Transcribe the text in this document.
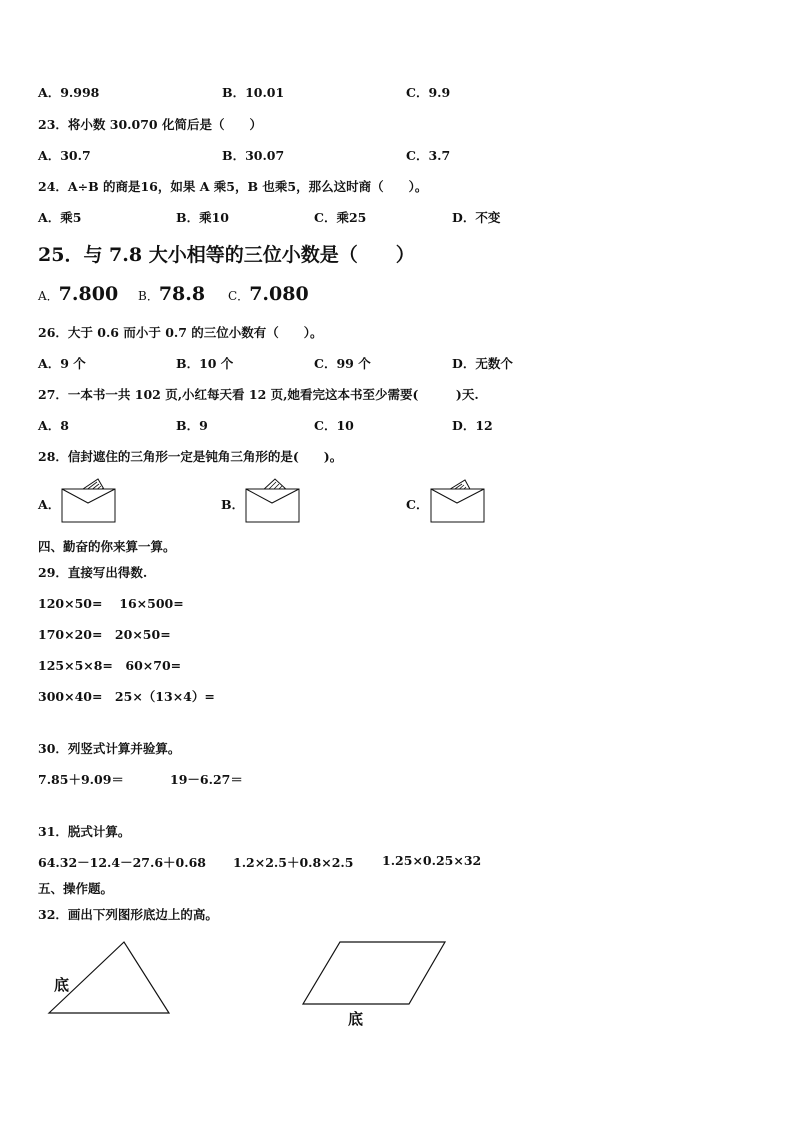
A．9.998	B．10.01	C．9.9
23．将小数 30.070 化简后是（　　）
A．30.7	B．30.07	C．3.7
24．A÷B 的商是16，如果 A 乘5，B 也乘5，那么这时商（　　）。
A．乘5	B．乘10	C．乘25	D．不变
25．与 7.8 大小相等的三位小数是（　　）
A．7.800 B．78.8 C．7.080
26．大于 0.6 而小于 0.7 的三位小数有（　　）。
A．9 个	B．10 个	C．99 个	D．无数个
27．一本书一共 102 页,小红每天看 12 页,她看完这本书至少需要(　　　)天.
A．8	B．9	C．10	D．12
28．信封遮住的三角形一定是钝角三角形的是(　　)。
A．	B．	C．
四、勤奋的你来算一算。
29．直接写出得数.
120×50=　 16×500=
170×20=　20×50=
125×5×8=　60×70=
300×40=　25×（13×4）=
30．列竖式计算并验算。
7.85＋9.09＝	19－6.27＝
31．脱式计算。
64.32－12.4－27.6＋0.68 1.2×2.5＋0.8×2.5 1.25×0.25×32
五、操作题。
32．画出下列图形底边上的高。
底
底
